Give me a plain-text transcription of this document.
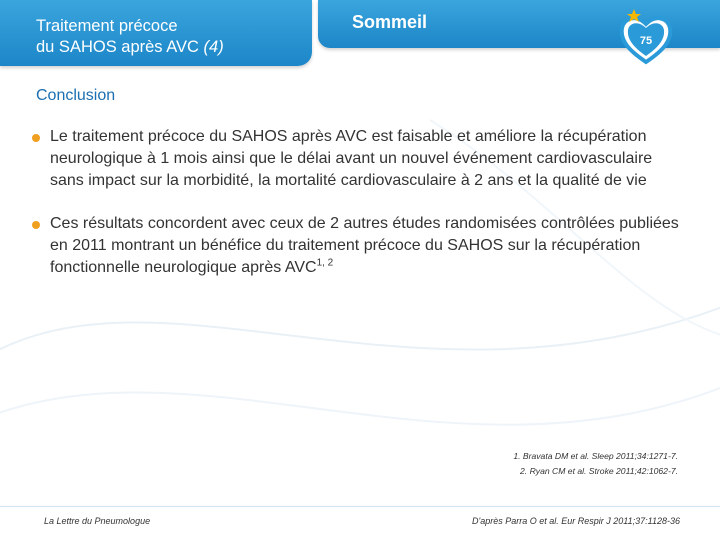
Traitement précoce
du SAHOS après AVC (4)
Sommeil
75
Conclusion
Le traitement précoce du SAHOS après AVC est faisable et améliore la récupération neurologique à 1 mois ainsi que le délai avant un nouvel événement cardiovasculaire sans impact sur la morbidité, la mortalité cardiovasculaire à 2 ans et la qualité de vie
Ces résultats concordent avec ceux de 2 autres études randomisées contrôlées publiées en 2011 montrant un bénéfice du traitement précoce du SAHOS sur la récupération fonctionnelle neurologique après AVC$^{1, 2}$
1. Bravata DM et al. Sleep 2011;34:1271-7.
2. Ryan CM et al. Stroke 2011;42:1062-7.
La Lettre du Pneumologue	D'après Parra O et al. Eur Respir J 2011;37:1128-36
